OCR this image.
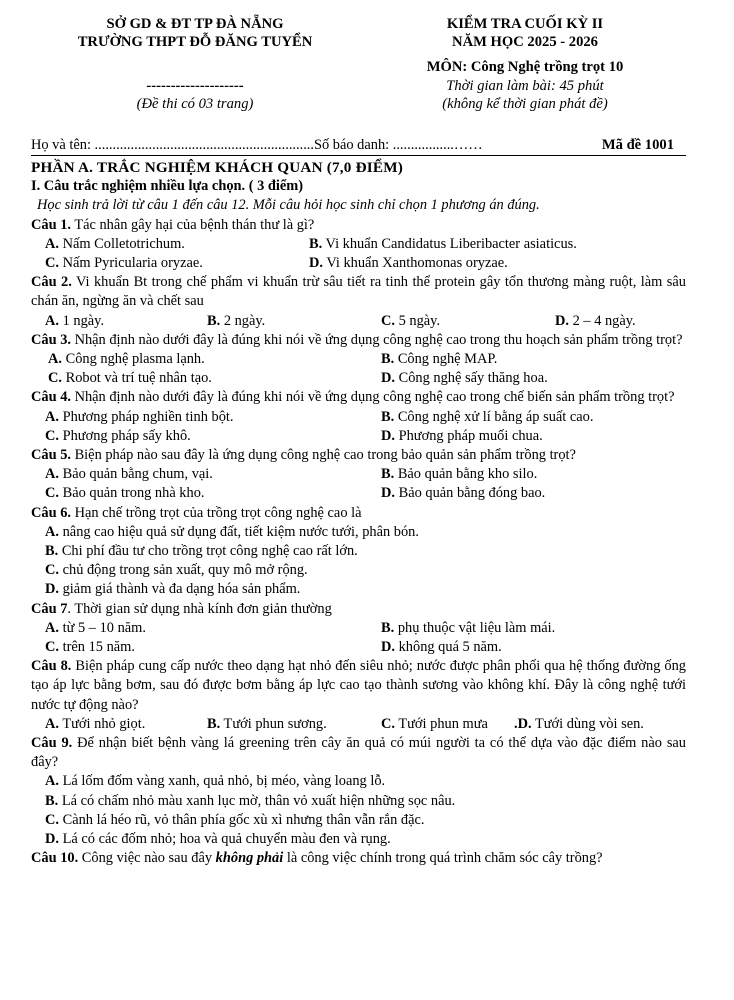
SỞ GD & ĐT TP ĐÀ NẴNG
TRƯỜNG THPT ĐỖ ĐĂNG TUYỂN
--------------------
(Đề thi có 03 trang)
KIỂM TRA CUỐI KỲ II
NĂM HỌC 2025 - 2026
MÔN: Công Nghệ trồng trọt 10
Thời gian làm bài: 45 phút
(không kể thời gian phát đề)
Họ và tên: .............................................................Số báo danh: .................……	Mã đề 1001

PHẦN A. TRẮC NGHIỆM KHÁCH QUAN (7,0 ĐIỂM)

I. Câu trắc nghiệm nhiều lựa chọn. ( 3 điểm)

Học sinh trả lời từ câu 1 đến câu 12. Mỗi câu hỏi học sinh chỉ chọn 1 phương án đúng.

Câu 1. Tác nhân gây hại của bệnh thán thư là gì?

A. Nấm Colletotrichum.	B. Vi khuẩn Candidatus Liberibacter asiaticus.
C. Nấm Pyricularia oryzae.	D. Vi khuẩn Xanthomonas oryzae.

Câu 2. Vi khuẩn Bt trong chế phẩm vi khuẩn trừ sâu tiết ra tinh thể protein gây tổn thương màng ruột, làm sâu chán ăn, ngừng ăn và chết sau

A. 1 ngày.	B. 2 ngày.	C. 5 ngày.	D. 2 – 4 ngày.

Câu 3. Nhận định nào dưới đây là đúng khi nói về ứng dụng công nghệ cao trong thu hoạch sản phẩm trồng trọt?

A. Công nghệ plasma lạnh.	B. Công nghệ MAP.
C. Robot và trí tuệ nhân tạo.	D. Công nghệ sấy thăng hoa.

Câu 4. Nhận định nào dưới đây là đúng khi nói về ứng dụng công nghệ cao trong chế biến sản phẩm trồng trọt?

A. Phương pháp nghiền tinh bột.	B. Công nghệ xử lí bằng áp suất cao.
C. Phương pháp sấy khô.	D. Phương pháp muối chua.

Câu 5. Biện pháp nào sau đây là ứng dụng công nghệ cao trong bảo quản sản phẩm trồng trọt?

A. Bảo quản bằng chum, vại.	B. Bảo quản bằng kho silo.
C. Bảo quản trong nhà kho.	D. Bảo quản bằng đóng bao.

Câu 6. Hạn chế trồng trọt của trồng trọt công nghệ cao là

A. nâng cao hiệu quả sử dụng đất, tiết kiệm nước tưới, phân bón.

B. Chi phí đầu tư cho trồng trọt công nghệ cao rất lớn.

C. chủ động trong sản xuất, quy mô mở rộng.

D. giảm giá thành và đa dạng hóa sản phẩm.

Câu 7. Thời gian sử dụng nhà kính đơn giản thường

A. từ 5 – 10 năm.	B. phụ thuộc vật liệu làm mái.
C. trên 15 năm.	D. không quá 5 năm.

Câu 8. Biện pháp cung cấp nước theo dạng hạt nhỏ đến siêu nhỏ; nước được phân phối qua hệ thống đường ống tạo áp lực bằng bơm, sau đó được bơm bằng áp lực cao tạo thành sương vào không khí. Đây là công nghệ tưới nước tự động nào?

A. Tưới nhỏ giọt.	B. Tưới phun sương.	C. Tưới phun mưa .D. Tưới dùng vòi sen.

Câu 9. Để nhận biết bệnh vàng lá greening trên cây ăn quả có múi người ta có thể dựa vào đặc điểm nào sau đây?

A. Lá lốm đốm vàng xanh, quả nhỏ, bị méo, vàng loang lỗ.

B. Lá có chấm nhỏ màu xanh lục mờ, thân vỏ xuất hiện những sọc nâu.

C. Cành lá héo rũ, vỏ thân phía gốc xù xì nhưng thân vẫn rắn đặc.

D. Lá có các đốm nhỏ; hoa và quả chuyển màu đen và rụng.

Câu 10. Công việc nào sau đây không phải là công việc chính trong quá trình chăm sóc cây trồng?
